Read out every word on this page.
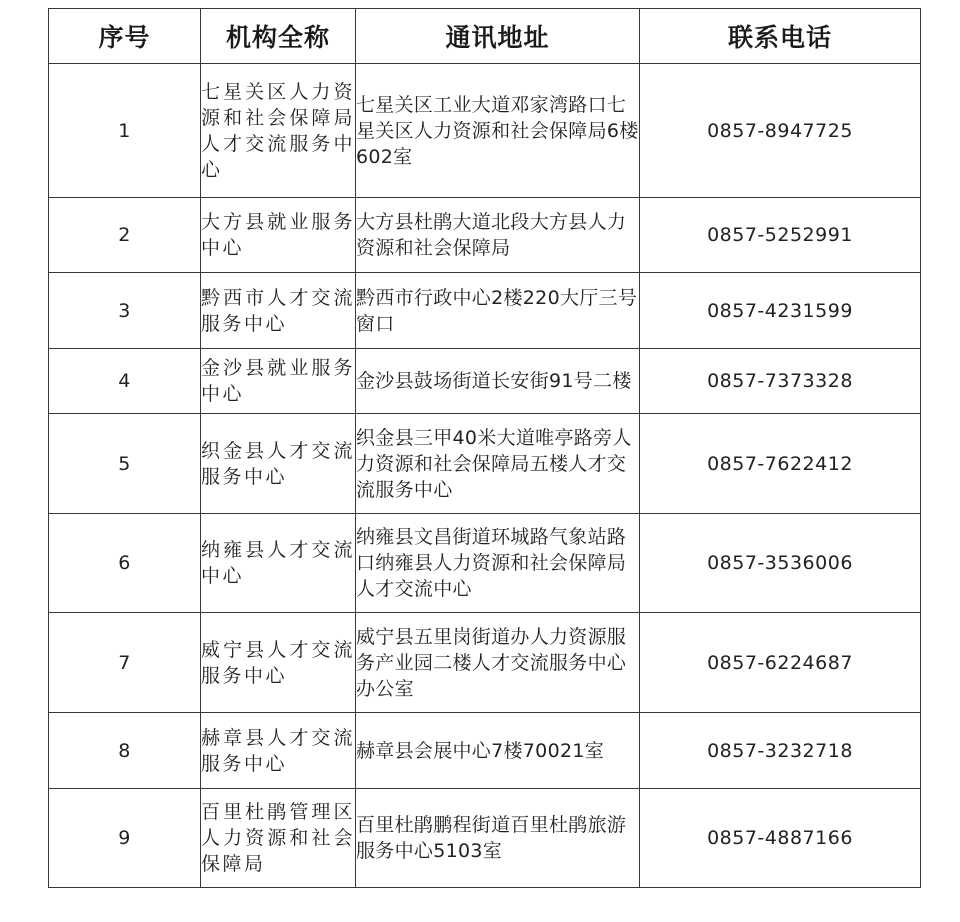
序号	机构全称	通讯地址	联系电话
1	七星关区人力资源和社会保障局人才交流服务中心	七星关区工业大道邓家湾路口七星关区人力资源和社会保障局6楼602室	0857-8947725
2	大方县就业服务中心	大方县杜鹃大道北段大方县人力资源和社会保障局	0857-5252991
3	黔西市人才交流服务中心	黔西市行政中心2楼220大厅三号窗口	0857-4231599
4	金沙县就业服务中心	金沙县鼓场街道长安街91号二楼	0857-7373328
5	织金县人才交流服务中心	织金县三甲40米大道唯亭路旁人力资源和社会保障局五楼人才交流服务中心	0857-7622412
6	纳雍县人才交流中心	纳雍县文昌街道环城路气象站路口纳雍县人力资源和社会保障局人才交流中心	0857-3536006
7	威宁县人才交流服务中心	威宁县五里岗街道办人力资源服务产业园二楼人才交流服务中心办公室	0857-6224687
8	赫章县人才交流服务中心	赫章县会展中心7楼70021室	0857-3232718
9	百里杜鹃管理区人力资源和社会保障局	百里杜鹃鹏程街道百里杜鹃旅游服务中心5103室	0857-4887166
